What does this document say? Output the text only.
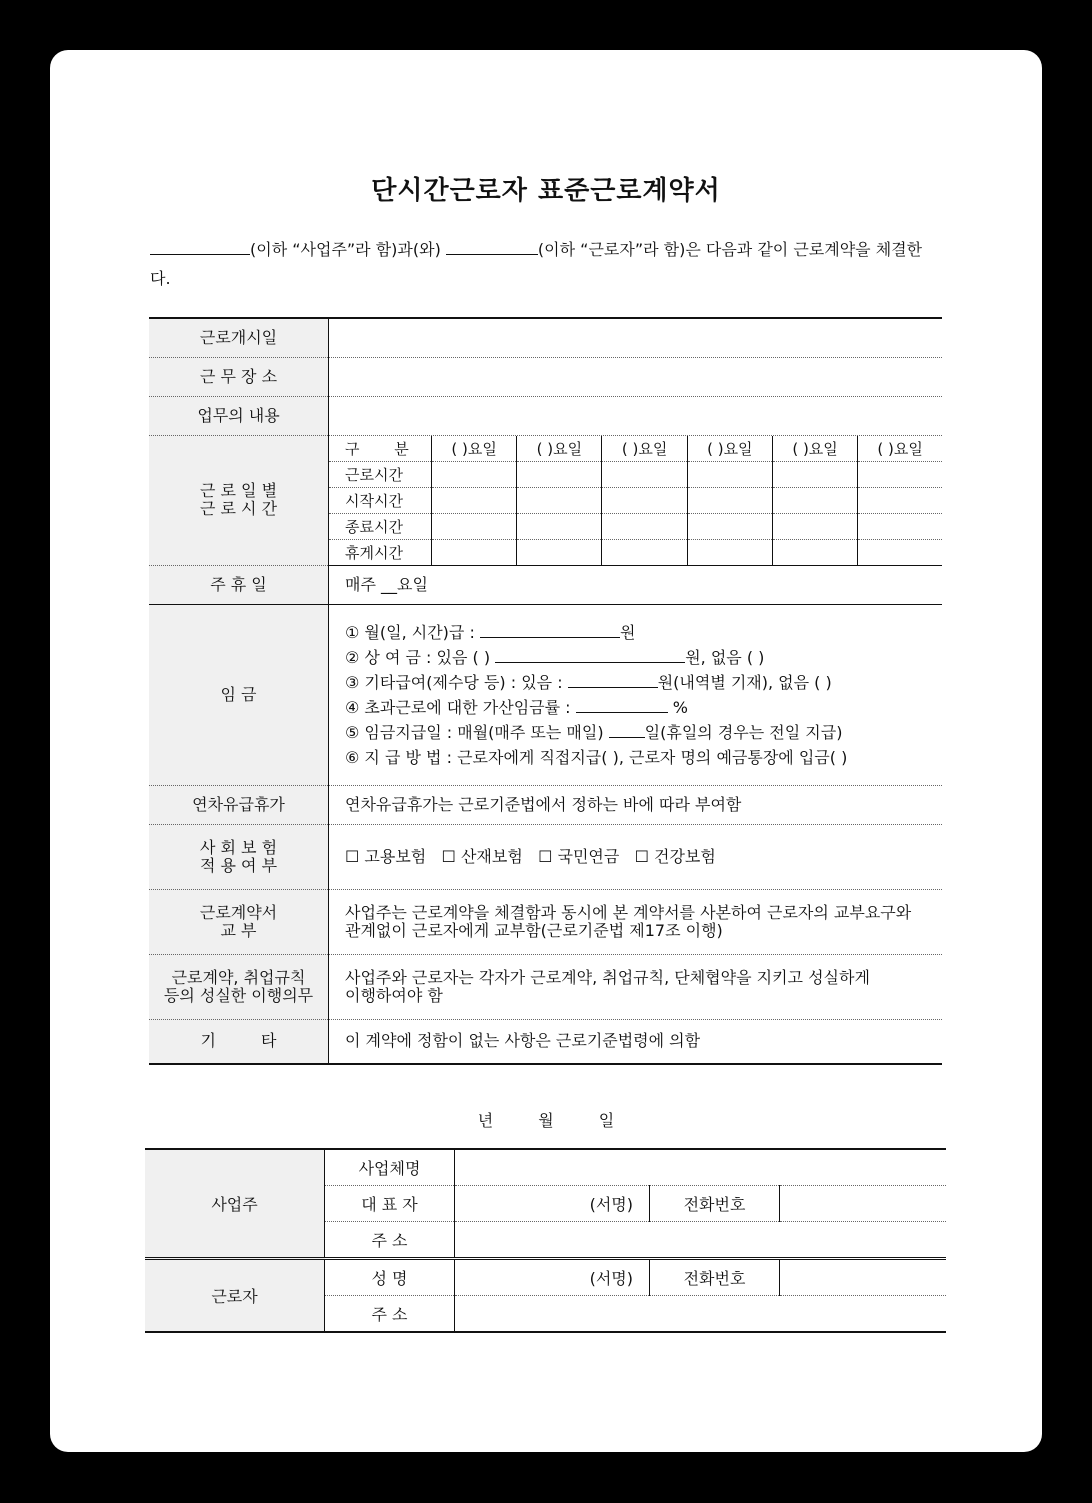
단시간근로자 표준근로계약서
(이하 “사업주”라 함)과(와)	(이하 “근로자”라 함)은 다음과 같이 근로계약을 체결한다.
근로개시일	
근 무 장 소	
업무의 내용	
근 로 일 별
근 로 시 간	
구 분	( )요일	( )요일	( )요일	( )요일	( )요일	( )요일
근로시간						
시작시간						
종료시간						
휴게시간						

주 휴 일	매주 __요일
임 금	
① 월(일, 시간)급 :	원
② 상 여 금 : 있음 ( )	원, 없음 ( )
③ 기타급여(제수당 등) : 있음 :	원(내역별 기재), 없음 ( )
④ 초과근로에 대한 가산임금률 :	%
⑤ 임금지급일 : 매월(매주 또는 매일)	일(휴일의 경우는 전일 지급)
⑥ 지 급 방 법 : 근로자에게 직접지급( ), 근로자 명의 예금통장에 입금( )

연차유급휴가	연차유급휴가는 근로기준법에서 정하는 바에 따라 부여함
사 회 보 험
적 용 여 부	☐ 고용보험 ☐ 산재보험 ☐ 국민연금 ☐ 건강보험
근로계약서
교 부	사업주는 근로계약을 체결함과 동시에 본 계약서를 사본하여 근로자의 교부요구와
관계없이 근로자에게 교부함(근로기준법 제17조 이행)
근로계약, 취업규칙
등의 성실한 이행의무	사업주와 근로자는 각자가 근로계약, 취업규칙, 단체협약을 지키고 성실하게
이행하여야 함
기 타	이 계약에 정함이 없는 사항은 근로기준법령에 의함
년 월 일
사업주	사업체명			
	대 표 자	(서명)	전화번호	
	주 소			
근로자	성 명	(서명)	전화번호	
	주 소			
